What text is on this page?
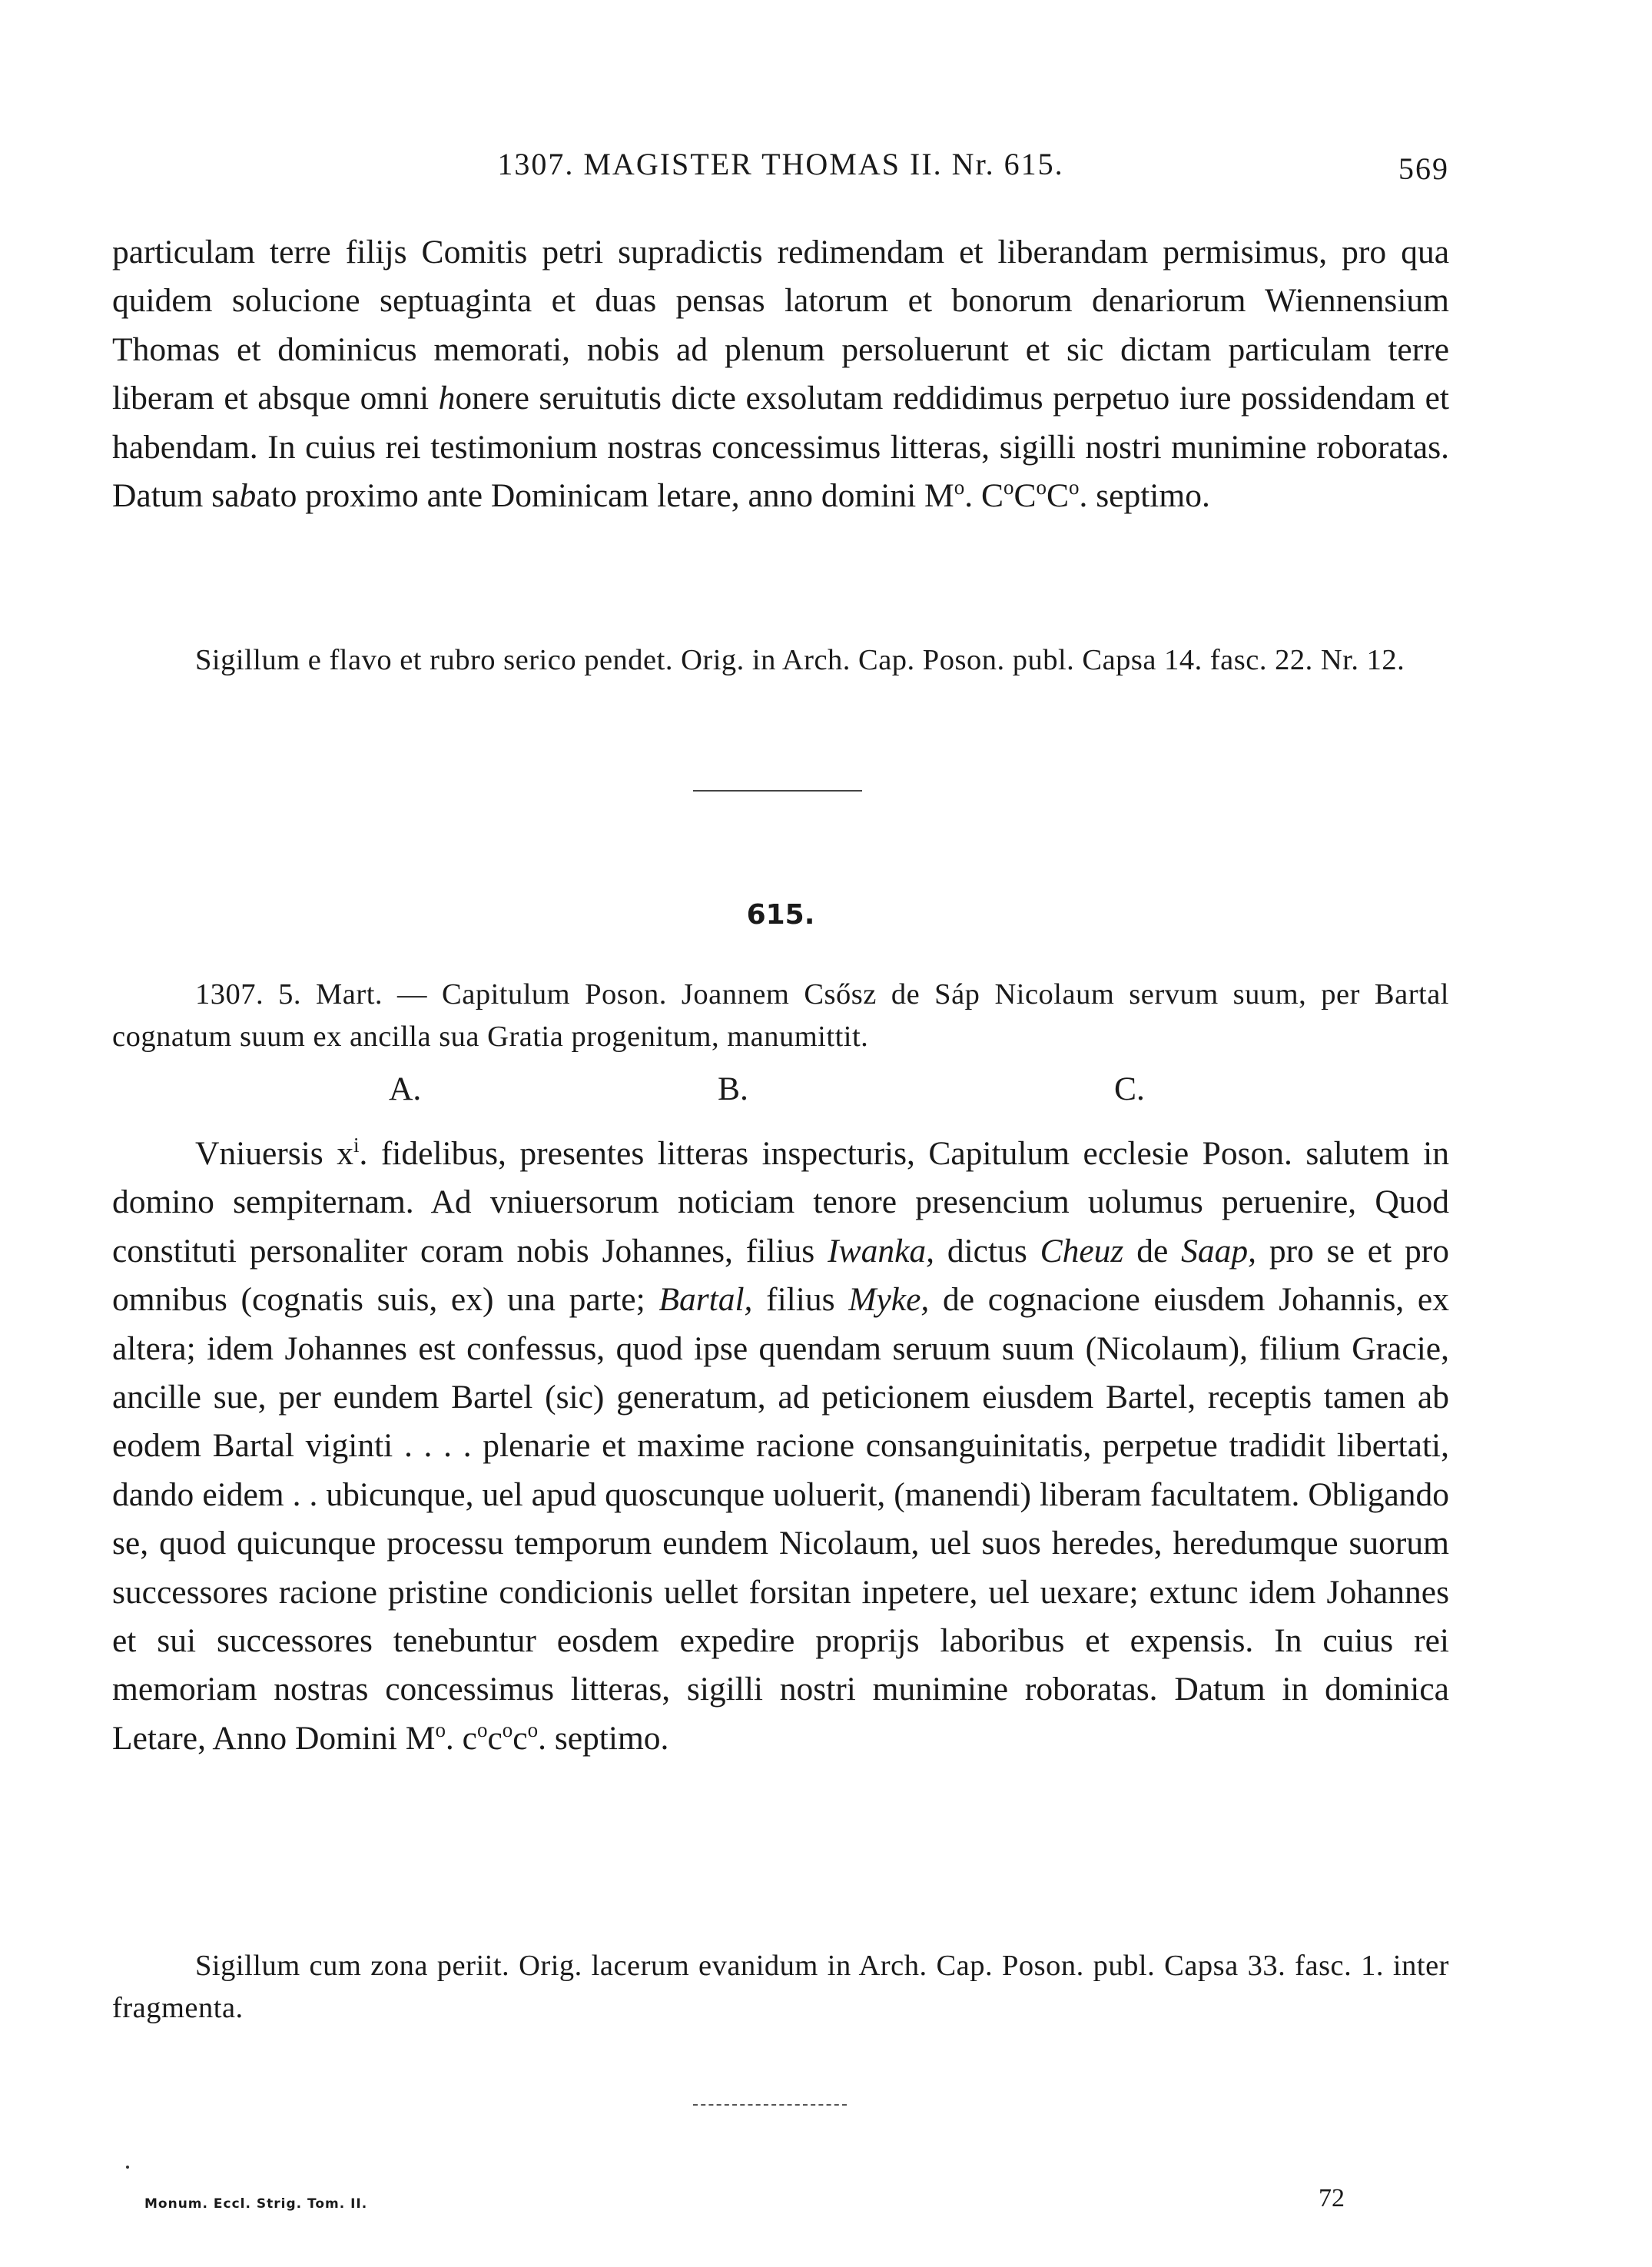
1307. MAGISTER THOMAS II. Nr. 615.	569

particulam terre filijs Comitis petri supradictis redimendam et liberandam permisimus, pro qua quidem solucione septuaginta et duas pensas latorum et bonorum denariorum Wiennensium Thomas et dominicus memorati, nobis ad plenum persoluerunt et sic dictam particulam terre liberam et absque omni honere seruitutis dicte exsolutam reddidimus perpetuo iure possidendam et habendam. In cuius rei testimonium nostras concessimus litteras, sigilli nostri munimine roboratas. Datum sabato proximo ante Dominicam letare, anno domini $M^o$. $C^oC^oC^o$. septimo.

Sigillum e flavo et rubro serico pendet. Orig. in Arch. Cap. Poson. publ. Capsa 14. fasc. 22. Nr. 12.

615.

1307. 5. Mart. — Capitulum Poson. Joannem Csősz de Sáp Nicolaum servum suum, per Bartal cognatum suum ex ancilla sua Gratia progenitum, manumittit.

A.	B.	C.

Vniuersis $x^i$. fidelibus, presentes litteras inspecturis, Capitulum ecclesie Poson. salutem in domino sempiternam. Ad vniuersorum noticiam tenore presencium uolumus peruenire, Quod constituti personaliter coram nobis Johannes, filius Iwanka, dictus Cheuz de Saap, pro se et pro omnibus (cognatis suis, ex) una parte; Bartal, filius Myke, de cognacione eiusdem Johannis, ex altera; idem Johannes est confessus, quod ipse quendam seruum suum (Nicolaum), filium Gracie, ancille sue, per eundem Bartel (sic) generatum, ad peticionem eiusdem Bartel, receptis tamen ab eodem Bartal viginti . . . . plenarie et maxime racione consanguinitatis, perpetue tradidit libertati, dando eidem . . ubicunque, uel apud quoscunque uoluerit, (manendi) liberam facultatem. Obligando se, quod quicunque processu temporum eundem Nicolaum, uel suos heredes, heredumque suorum successores racione pristine condicionis uellet forsitan inpetere, uel uexare; extunc idem Johannes et sui successores tenebuntur eosdem expedire proprijs laboribus et expensis. In cuius rei memoriam nostras concessimus litteras, sigilli nostri munimine roboratas. Datum in dominica Letare, Anno Domini $M^o$. $c^oc^oc^o$. septimo.

Sigillum cum zona periit. Orig. lacerum evanidum in Arch. Cap. Poson. publ. Capsa 33. fasc. 1. inter fragmenta.

Monum. Eccl. Strig. Tom. II.	72
